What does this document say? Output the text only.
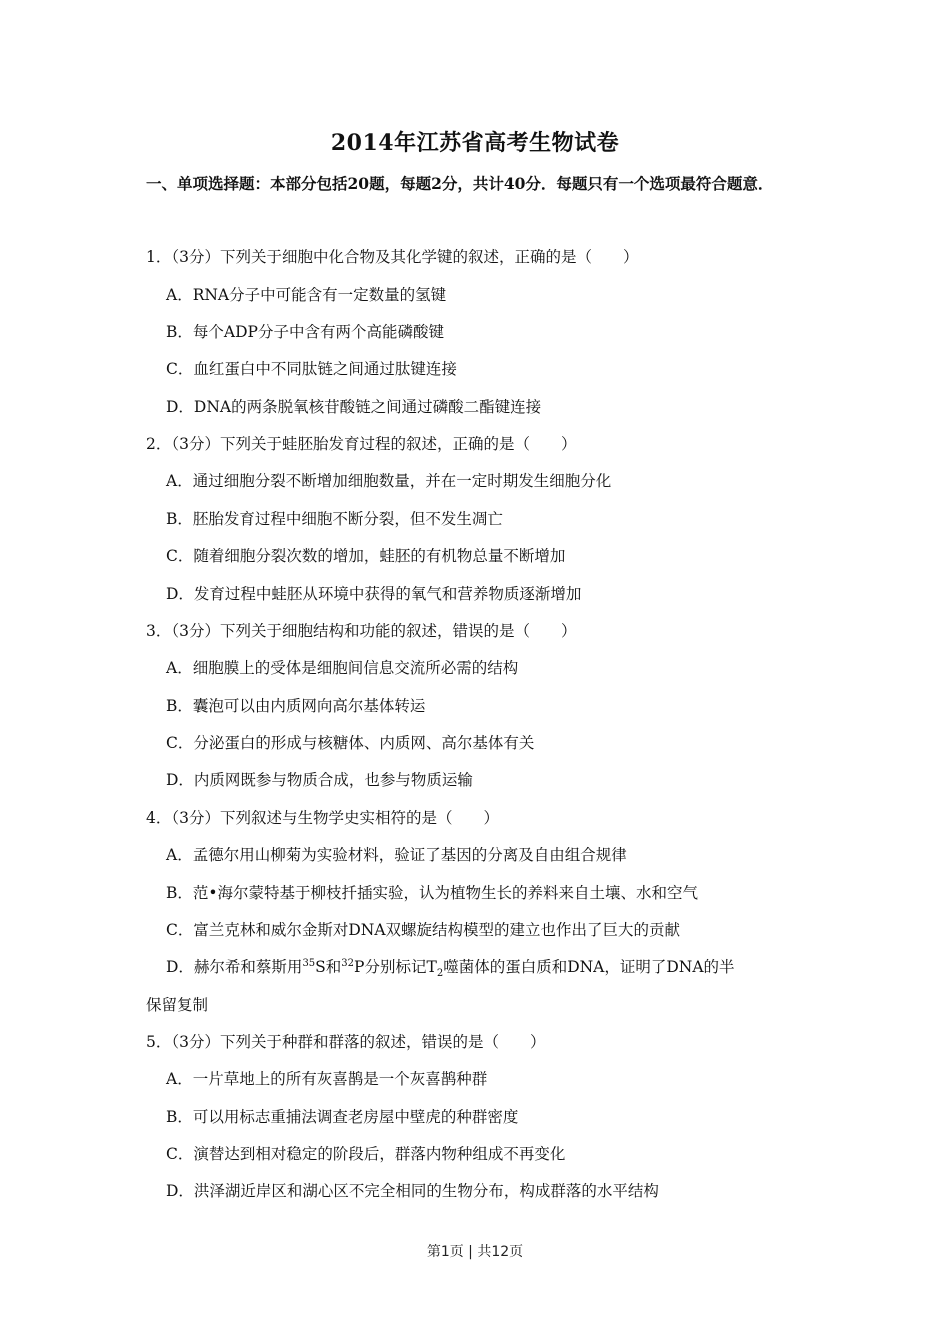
2014年江苏省高考生物试卷
一、单项选择题：本部分包括20题，每题2分，共计40分．每题只有一个选项最符合题意．
1．（3分）下列关于细胞中化合物及其化学键的叙述，正确的是（　　）
A．RNA分子中可能含有一定数量的氢键
B．每个ADP分子中含有两个高能磷酸键
C．血红蛋白中不同肽链之间通过肽键连接
D．DNA的两条脱氧核苷酸链之间通过磷酸二酯键连接
2．（3分）下列关于蛙胚胎发育过程的叙述，正确的是（　　）
A．通过细胞分裂不断增加细胞数量，并在一定时期发生细胞分化
B．胚胎发育过程中细胞不断分裂，但不发生凋亡
C．随着细胞分裂次数的增加，蛙胚的有机物总量不断增加
D．发育过程中蛙胚从环境中获得的氧气和营养物质逐渐增加
3．（3分）下列关于细胞结构和功能的叙述，错误的是（　　）
A．细胞膜上的受体是细胞间信息交流所必需的结构
B．囊泡可以由内质网向高尔基体转运
C．分泌蛋白的形成与核糖体、内质网、高尔基体有关
D．内质网既参与物质合成，也参与物质运输
4．（3分）下列叙述与生物学史实相符的是（　　）
A．孟德尔用山柳菊为实验材料，验证了基因的分离及自由组合规律
B．范•海尔蒙特基于柳枝扦插实验，认为植物生长的养料来自土壤、水和空气
C．富兰克林和威尔金斯对DNA双螺旋结构模型的建立也作出了巨大的贡献
D．赫尔希和蔡斯用$^{35}$S和$^{32}$P分别标记$T_2$噬菌体的蛋白质和DNA，证明了DNA的半
保留复制
5．（3分）下列关于种群和群落的叙述，错误的是（　　）
A．一片草地上的所有灰喜鹊是一个灰喜鹊种群
B．可以用标志重捕法调查老房屋中壁虎的种群密度
C．演替达到相对稳定的阶段后，群落内物种组成不再变化
D．洪泽湖近岸区和湖心区不完全相同的生物分布，构成群落的水平结构
第1页 | 共12页
